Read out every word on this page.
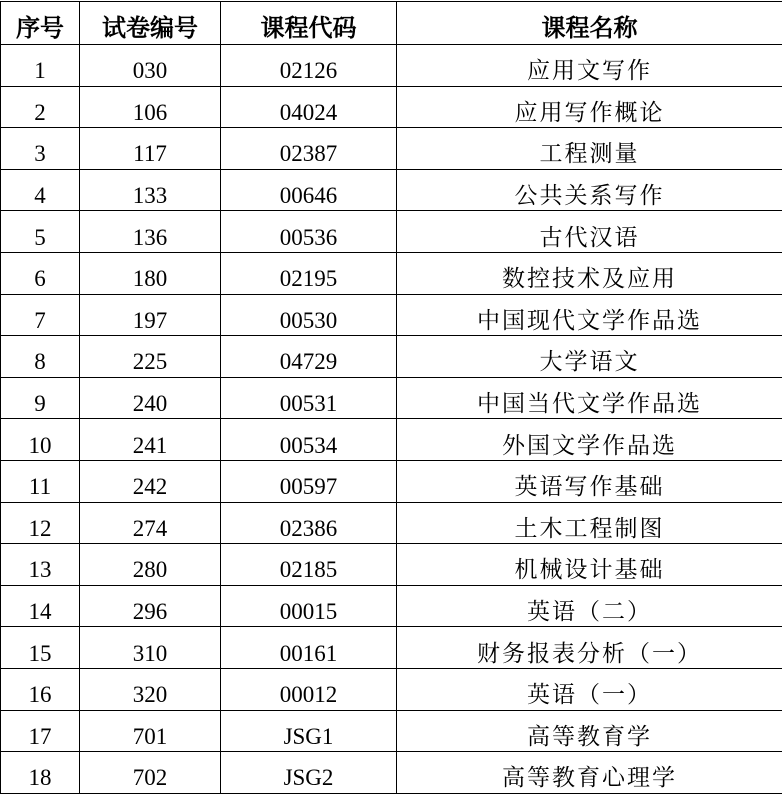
序号	试卷编号	课程代码	课程名称
1	030	02126	应用文写作
2	106	04024	应用写作概论
3	117	02387	工程测量
4	133	00646	公共关系写作
5	136	00536	古代汉语
6	180	02195	数控技术及应用
7	197	00530	中国现代文学作品选
8	225	04729	大学语文
9	240	00531	中国当代文学作品选
10	241	00534	外国文学作品选
11	242	00597	英语写作基础
12	274	02386	土木工程制图
13	280	02185	机械设计基础
14	296	00015	英语（二）
15	310	00161	财务报表分析（一）
16	320	00012	英语（一）
17	701	JSG1	高等教育学
18	702	JSG2	高等教育心理学
